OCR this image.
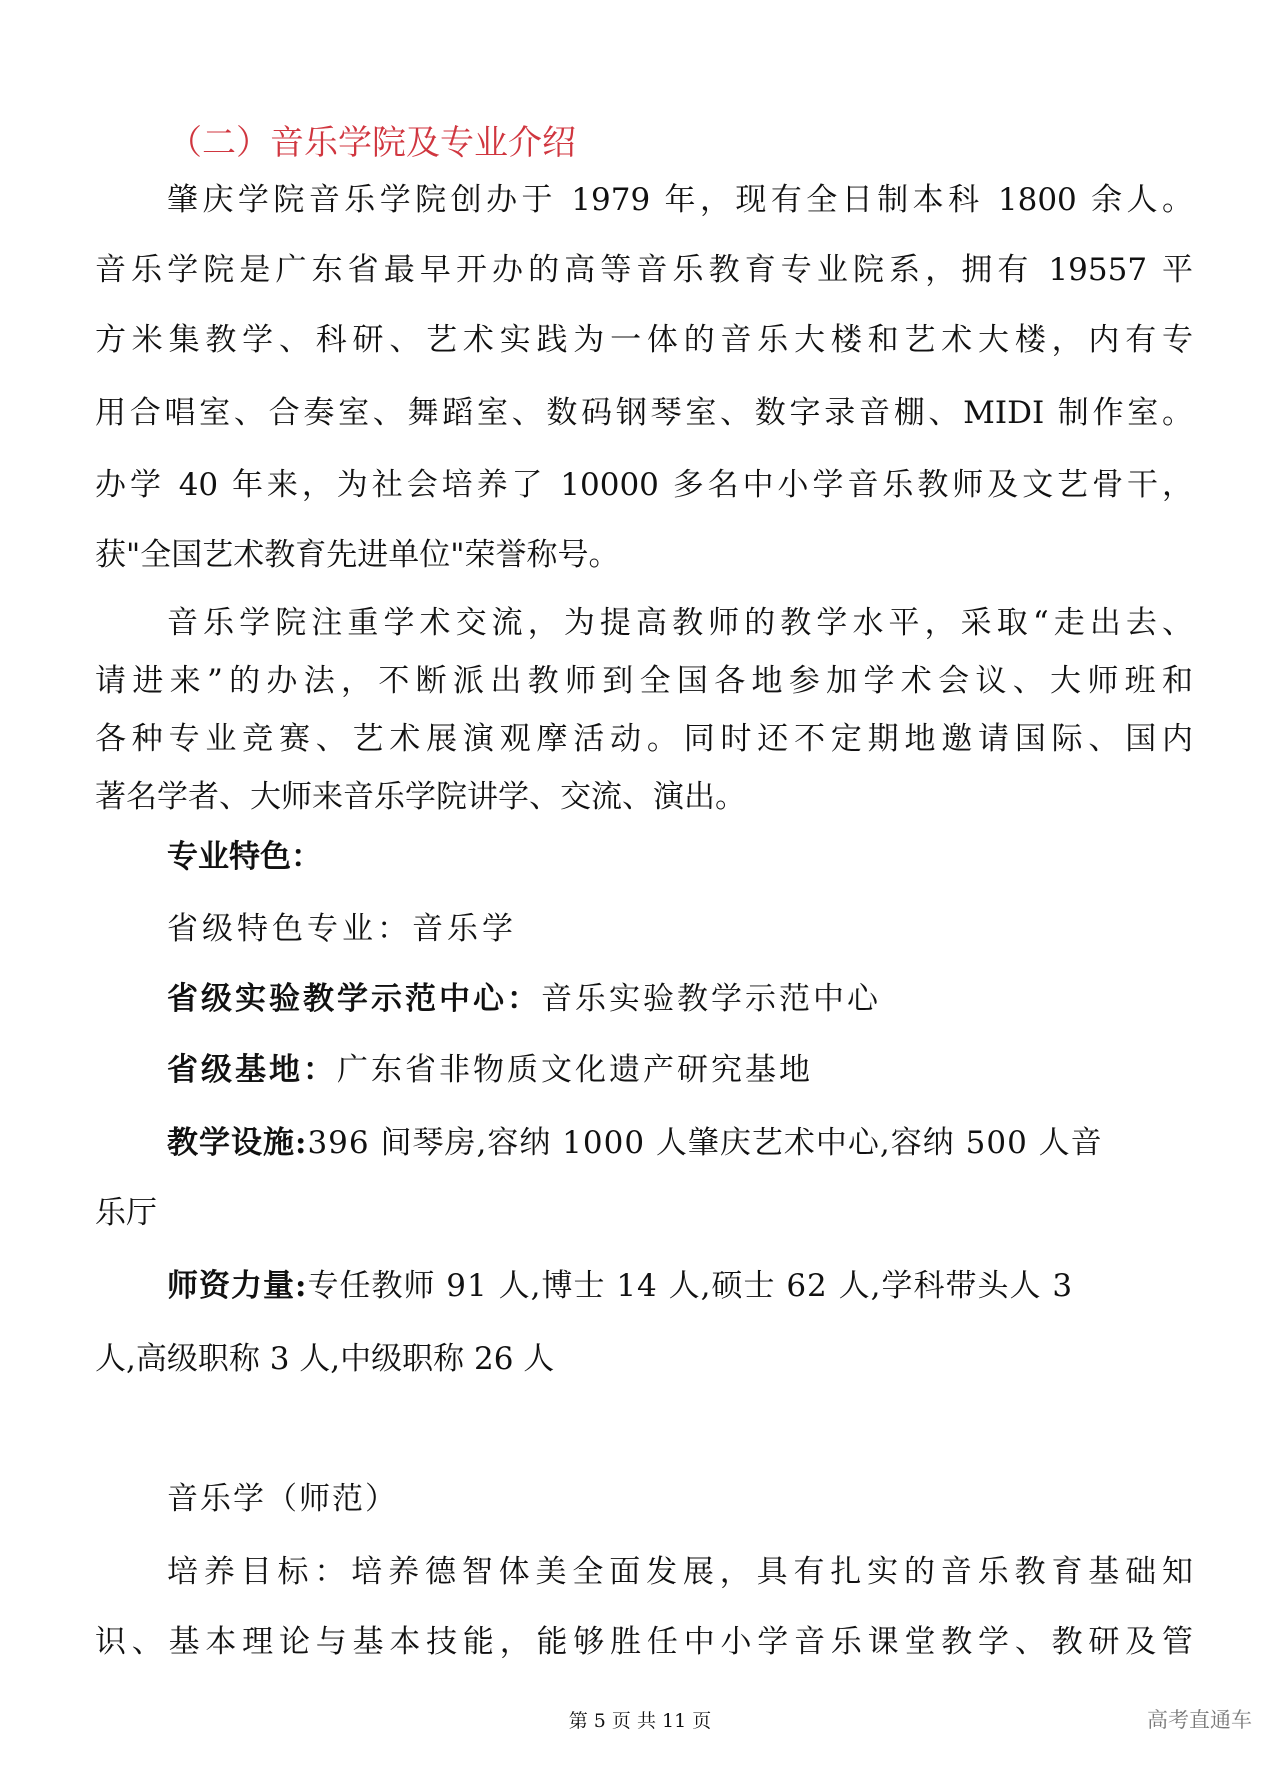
（二）音乐学院及专业介绍
肇庆学院音乐学院创办于 1979 年，现有全日制本科 1800 余人。
音乐学院是广东省最早开办的高等音乐教育专业院系，拥有 19557 平
方米集教学、科研、艺术实践为一体的音乐大楼和艺术大楼，内有专
用合唱室、合奏室、舞蹈室、数码钢琴室、数字录音棚、MIDI 制作室。
办学 40 年来，为社会培养了 10000 多名中小学音乐教师及文艺骨干，
获"全国艺术教育先进单位"荣誉称号。
音乐学院注重学术交流，为提高教师的教学水平，采取“走出去、
请进来”的办法，不断派出教师到全国各地参加学术会议、大师班和
各种专业竞赛、艺术展演观摩活动。同时还不定期地邀请国际、国内
著名学者、大师来音乐学院讲学、交流、演出。
专业特色：
省级特色专业：音乐学
省级实验教学示范中心：音乐实验教学示范中心
省级基地：广东省非物质文化遗产研究基地
教学设施:396 间琴房,容纳 1000 人肇庆艺术中心,容纳 500 人音
乐厅
师资力量:专任教师 91 人,博士 14 人,硕士 62 人,学科带头人 3
人,高级职称 3 人,中级职称 26 人
音乐学（师范）
培养目标：培养德智体美全面发展，具有扎实的音乐教育基础知
识、基本理论与基本技能，能够胜任中小学音乐课堂教学、教研及管
第 5 页 共 11 页	高考直通车
